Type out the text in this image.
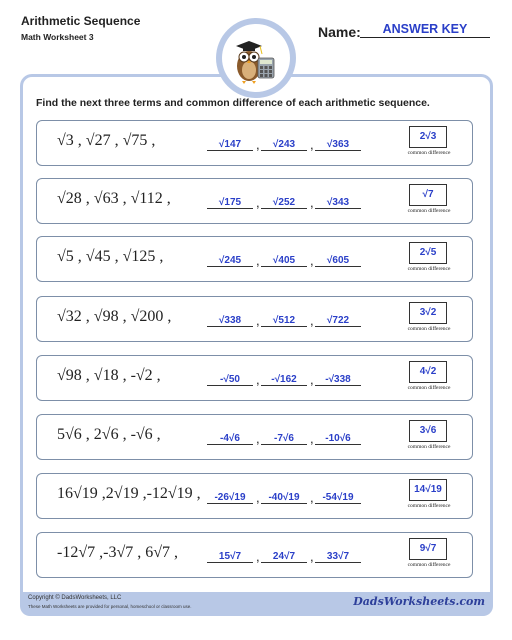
Arithmetic Sequence
Math Worksheet 3	Name:	ANSWER KEY
Copyright © DadsWorksheets, LLC
These Math Worksheets are provided for personal, homeschool or classroom use.	DadsWorksheets.com
Find the next three terms and common difference of each arithmetic sequence.
√3 , √27 , √75 ,	√147	,	√243	,	√363
2√3
common difference
√28 , √63 , √112 ,	√175	,	√252	,	√343
√7
common difference
√5 , √45 , √125 ,	√245	,	√405	,	√605
2√5
common difference
√32 , √98 , √200 ,	√338	,	√512	,	√722
3√2
common difference
√98 , √18 , -√2 ,	-√50	,	-√162	,	-√338
4√2
common difference
5√6 , 2√6 , -√6 ,	-4√6	,	-7√6	,	-10√6
3√6
common difference
16√19 ,2√19 ,-12√19 ,	-26√19 , -40√19 , -54√19
14√19
common difference
-12√7 ,-3√7 , 6√7 ,	15√7	,	24√7	,	33√7
9√7
common difference
